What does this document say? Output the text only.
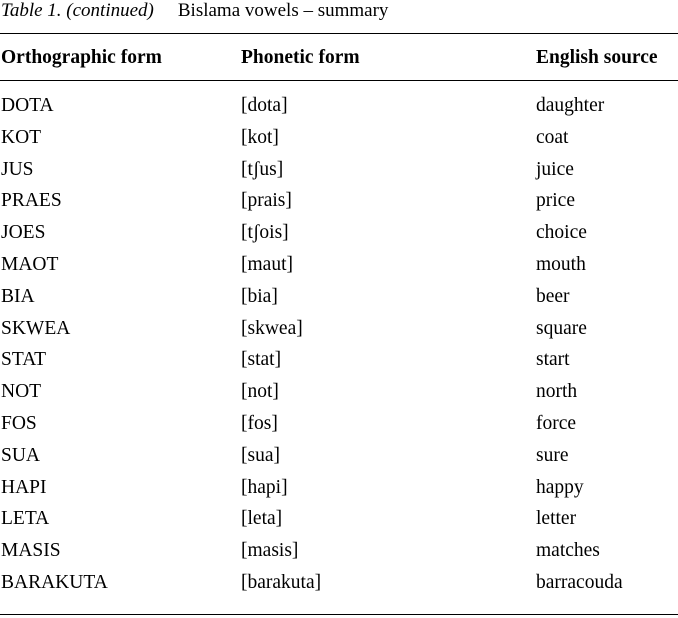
Table 1. (continued) Bislama vowels – summary
Orthographic form	Phonetic form	English source
DOTA	[dota]	daughter
KOT	[kot]	coat
JUS	[tʃus]	juice
PRAES	[prais]	price
JOES	[tʃois]	choice
MAOT	[maut]	mouth
BIA	[bia]	beer
SKWEA	[skwea]	square
STAT	[stat]	start
NOT	[not]	north
FOS	[fos]	force
SUA	[sua]	sure
HAPI	[hapi]	happy
LETA	[leta]	letter
MASIS	[masis]	matches
BARAKUTA	[barakuta]	barracouda
